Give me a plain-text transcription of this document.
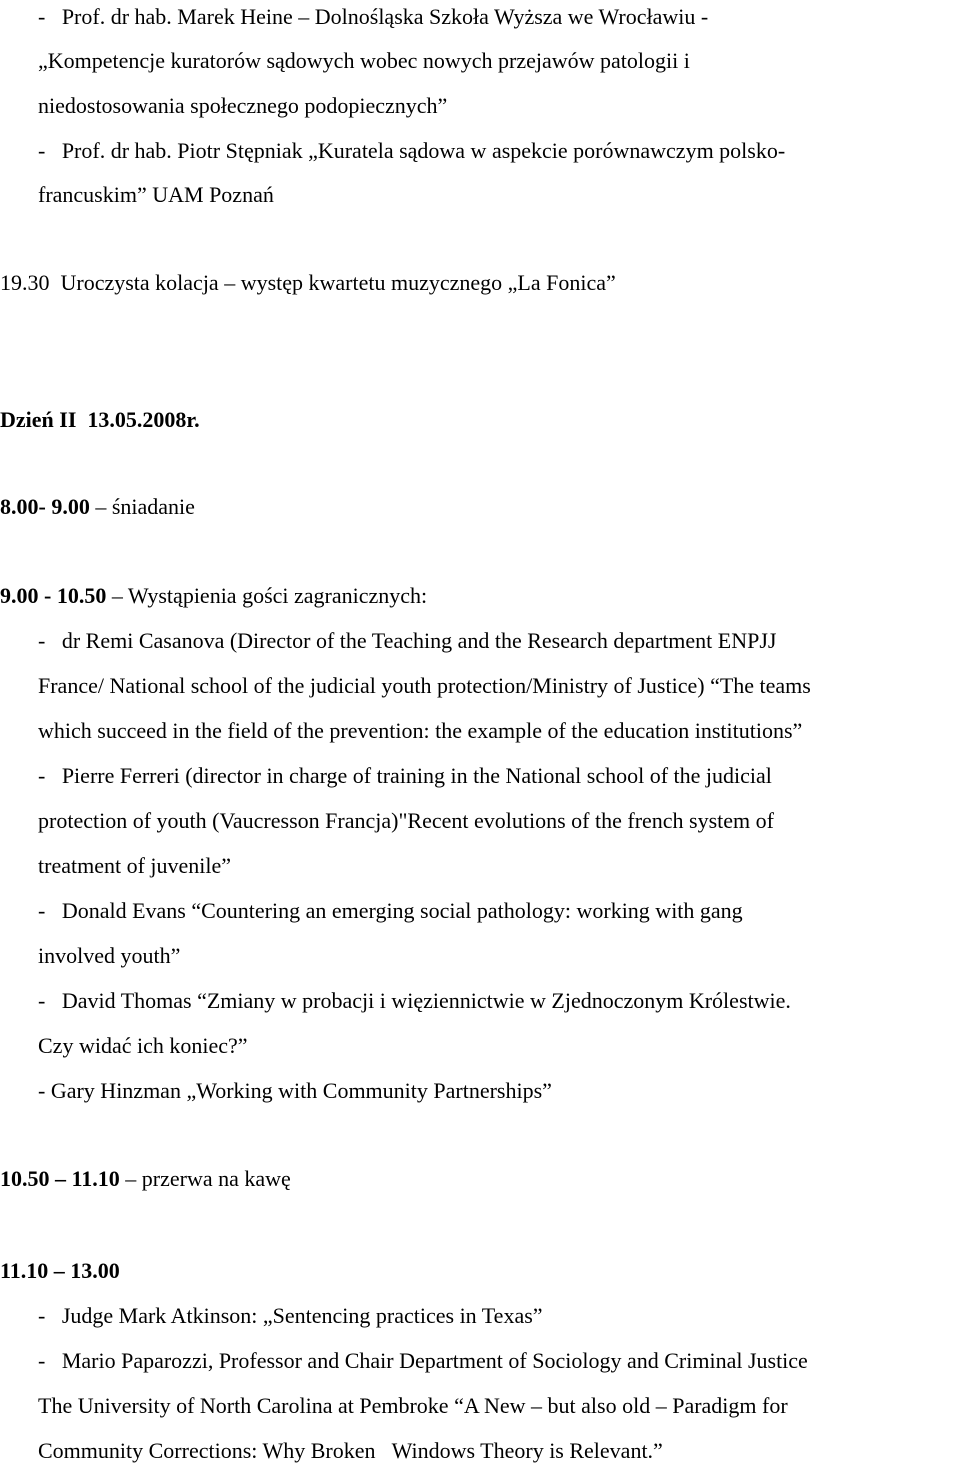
-   Prof. dr hab. Marek Heine – Dolnośląska Szkoła Wyższa we Wrocławiu -
„Kompetencje kuratorów sądowych wobec nowych przejawów patologii i
niedostosowania społecznego podopiecznych”
-   Prof. dr hab. Piotr Stępniak „Kuratela sądowa w aspekcie porównawczym polsko-
francuskim” UAM Poznań
19.30  Uroczysta kolacja – występ kwartetu muzycznego „La Fonica”
Dzień II  13.05.2008r.
8.00- 9.00 – śniadanie
9.00 - 10.50 – Wystąpienia gości zagranicznych:
-   dr Remi Casanova (Director of the Teaching and the Research department ENPJJ
France/ National school of the judicial youth protection/Ministry of Justice) “The teams
which succeed in the field of the prevention: the example of the education institutions”
-   Pierre Ferreri (director in charge of training in the National school of the judicial
protection of youth (Vaucresson Francja)"Recent evolutions of the french system of
treatment of juvenile”
-   Donald Evans “Countering an emerging social pathology: working with gang
involved youth”
-   David Thomas “Zmiany w probacji i więziennictwie w Zjednoczonym Królestwie.
Czy widać ich koniec?”
- Gary Hinzman „Working with Community Partnerships”
10.50 – 11.10 – przerwa na kawę
11.10 – 13.00
-   Judge Mark Atkinson: „Sentencing practices in Texas”
-   Mario Paparozzi, Professor and Chair Department of Sociology and Criminal Justice
The University of North Carolina at Pembroke “A New – but also old – Paradigm for
Community Corrections: Why Broken   Windows Theory is Relevant.”
